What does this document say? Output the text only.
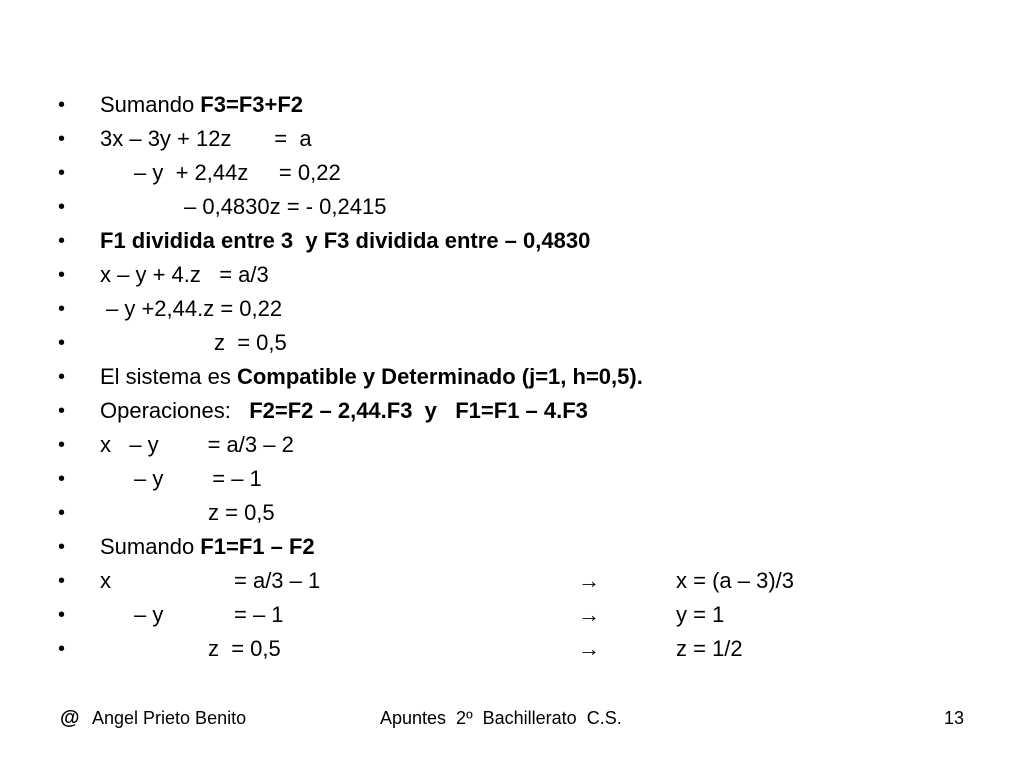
• Sumando F3=F3+F2
• 3x – 3y + 12z       =  a
•	– y  + 2,44z     = 0,22
•	– 0,4830z = - 0,2415
• F1 dividida entre 3  y F3 dividida entre – 0,4830
• x – y + 4.z   = a/3
• – y +2,44.z = 0,22
•	z  = 0,5
• El sistema es Compatible y Determinado (j=1, h=0,5).
• Operaciones:   F2=F2 – 2,44.F3  y   F1=F1 – 4.F3
• x   – y        = a/3 – 2
•	– y        = – 1
•	z = 0,5
• Sumando F1=F1 – F2
• x	= a/3 – 1	→	x = (a – 3)/3
•	– y	= – 1	→	y = 1
•	z  = 0,5	→	z = 1/2
@ Angel Prieto Benito	Apuntes  2º  Bachillerato  C.S.	13
